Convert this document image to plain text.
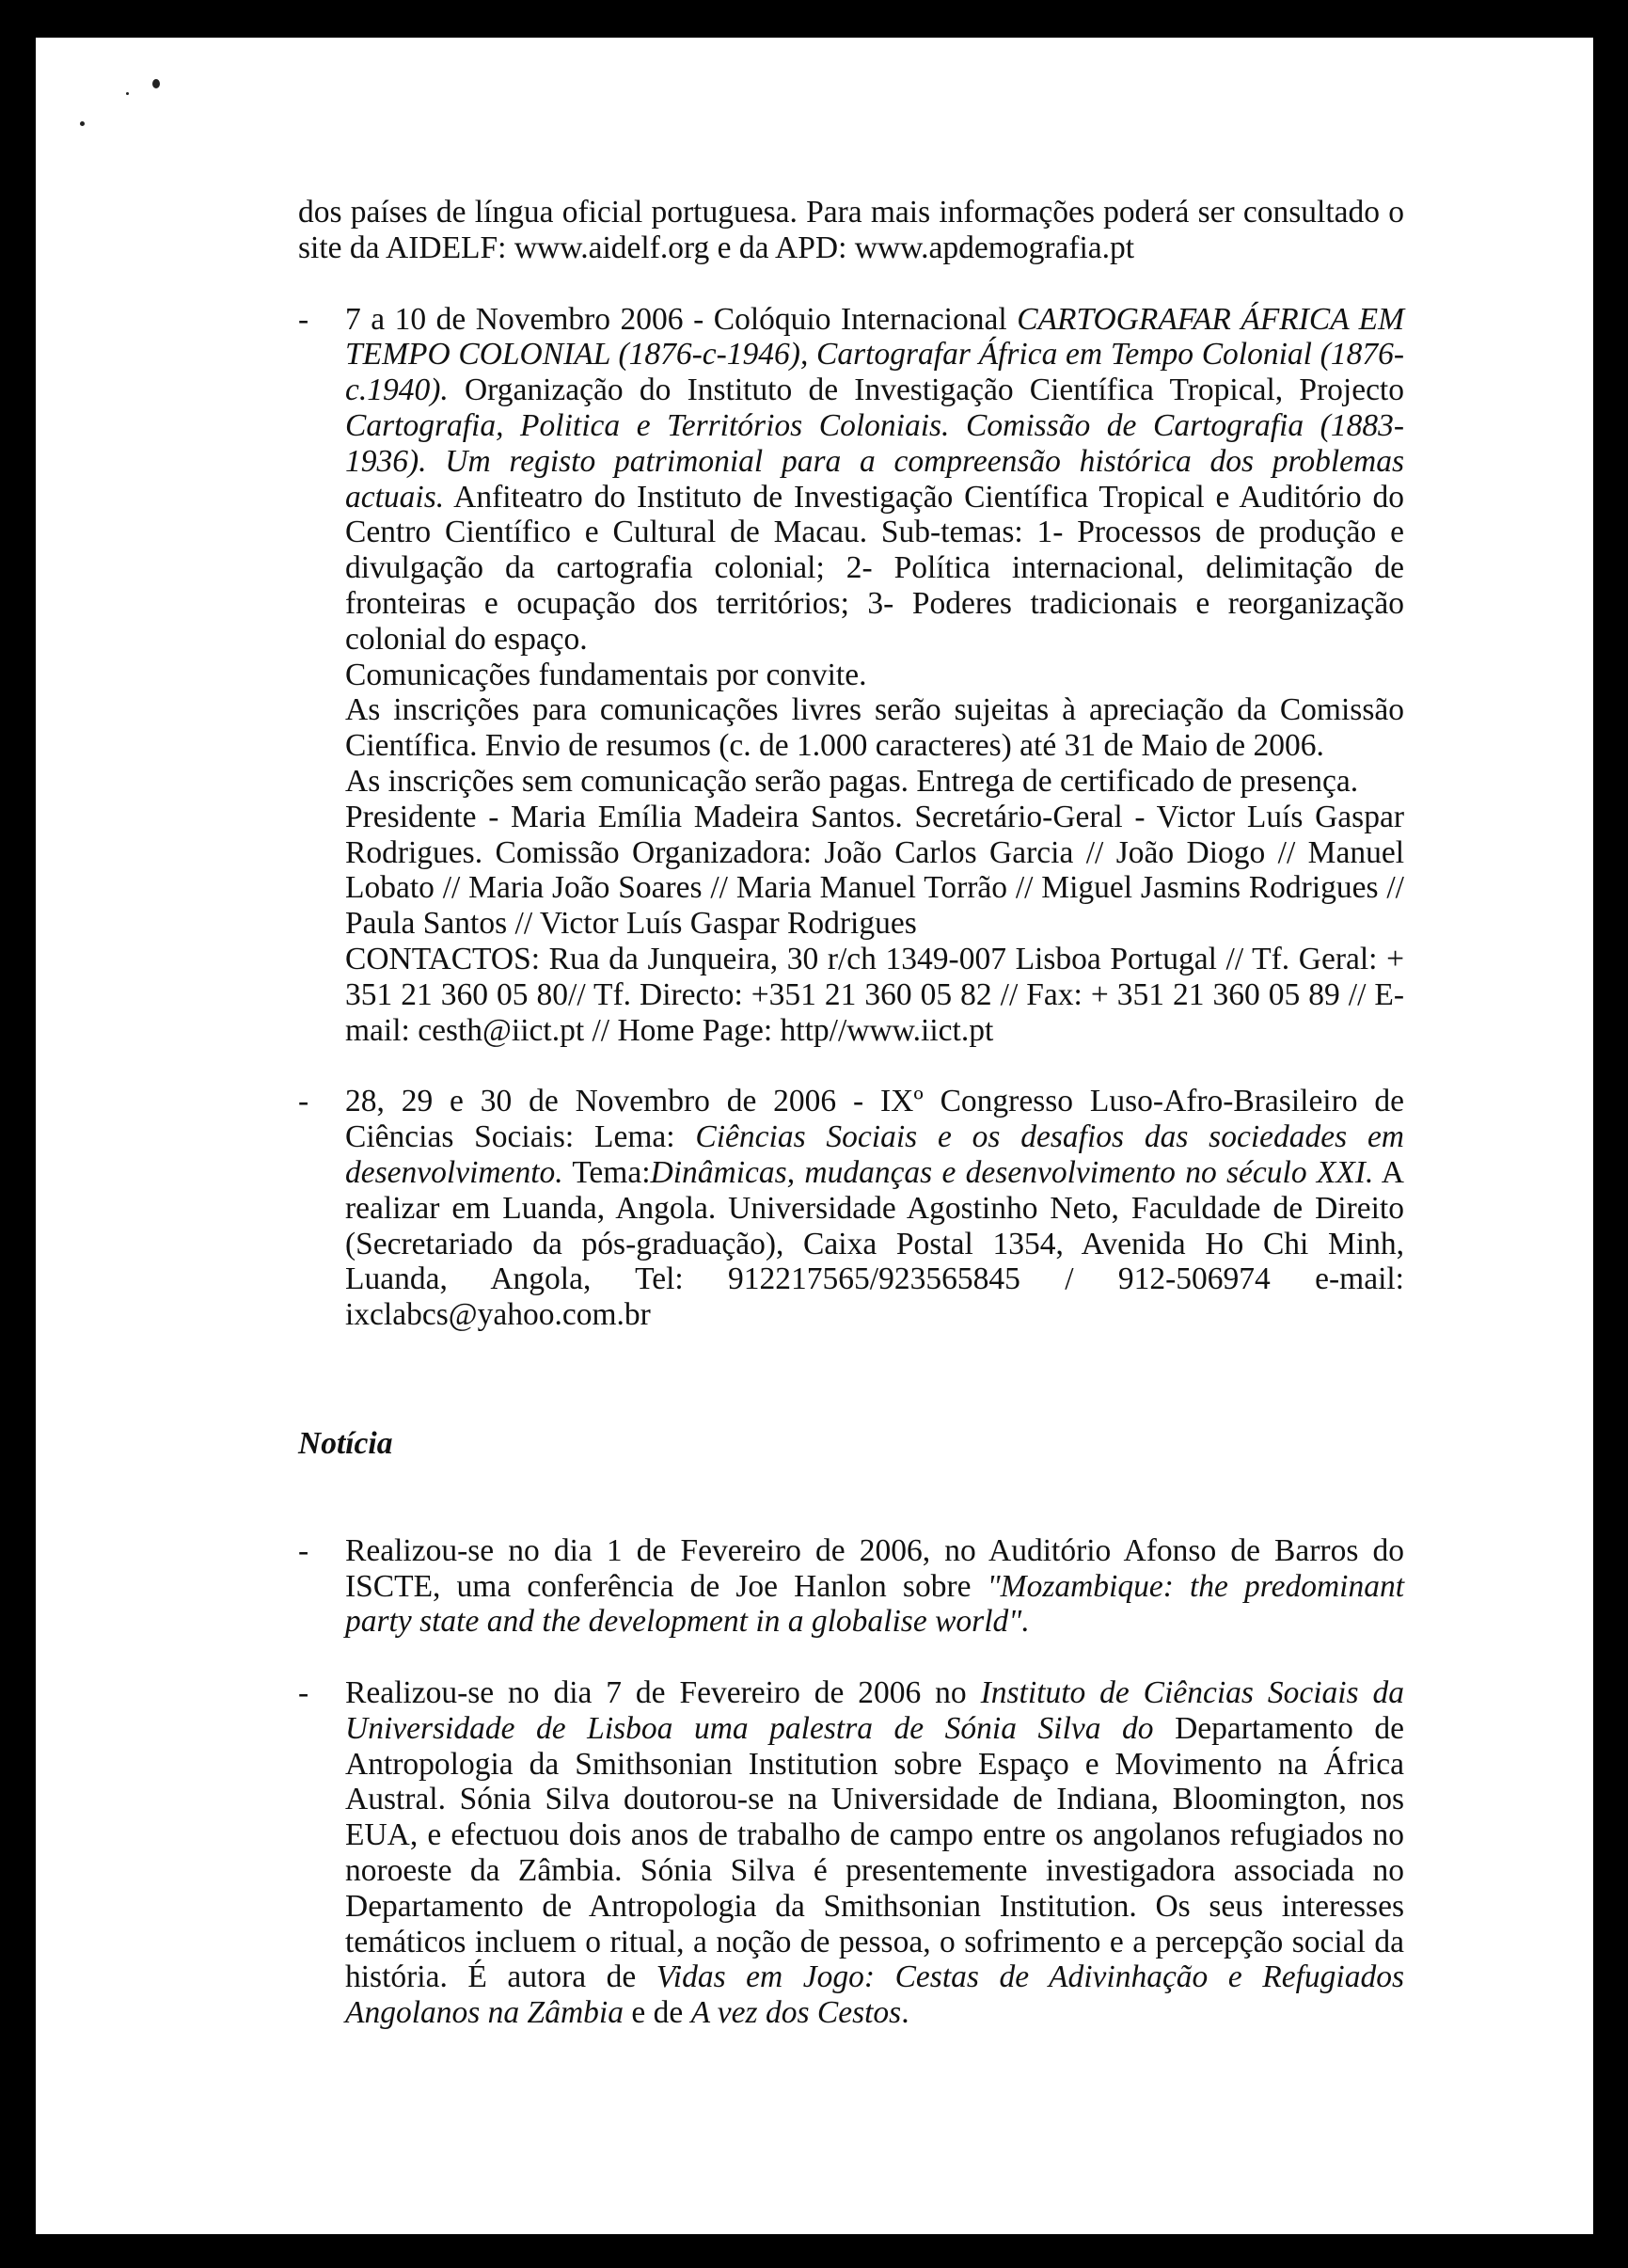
dos países de língua oficial portuguesa. Para mais informações poderá ser consultado o site da AIDELF: www.aidelf.org e da APD: www.apdemografia.pt

-	7 a 10 de Novembro 2006 - Colóquio Internacional CARTOGRAFAR ÁFRICA EM TEMPO COLONIAL (1876-c-1946), Cartografar África em Tempo Colonial (1876-c.1940). Organização do Instituto de Investigação Científica Tropical, Projecto Cartografia, Politica e Territórios Coloniais. Comissão de Cartografia (1883-1936). Um registo patrimonial para a compreensão histórica dos problemas actuais. Anfiteatro do Instituto de Investigação Científica Tropical e Auditório do Centro Científico e Cultural de Macau. Sub-temas: 1- Processos de produção e divulgação da cartografia colonial; 2- Política internacional, delimitação de fronteiras e ocupação dos territórios; 3- Poderes tradicionais e reorganização colonial do espaço.

Comunicações fundamentais por convite.

As inscrições para comunicações livres serão sujeitas à apreciação da Comissão Científica. Envio de resumos (c. de 1.000 caracteres) até 31 de Maio de 2006.

As inscrições sem comunicação serão pagas. Entrega de certificado de presença.

Presidente - Maria Emília Madeira Santos. Secretário-Geral - Victor Luís Gaspar Rodrigues. Comissão Organizadora: João Carlos Garcia // João Diogo // Manuel Lobato // Maria João Soares // Maria Manuel Torrão // Miguel Jasmins Rodrigues // Paula Santos // Victor Luís Gaspar Rodrigues

CONTACTOS: Rua da Junqueira, 30 r/ch 1349-007 Lisboa Portugal // Tf. Geral: + 351 21 360 05 80// Tf. Directo: +351 21 360 05 82 // Fax: + 351 21 360 05 89 // E-mail: cesth@iict.pt // Home Page: http//www.iict.pt

-	28, 29 e 30 de Novembro de 2006 - IXº Congresso Luso-Afro-Brasileiro de Ciências Sociais: Lema: Ciências Sociais e os desafios das sociedades em desenvolvimento. Tema:Dinâmicas, mudanças e desenvolvimento no século XXI. A realizar em Luanda, Angola. Universidade Agostinho Neto, Faculdade de Direito (Secretariado da pós-graduação), Caixa Postal 1354, Avenida Ho Chi Minh, Luanda, Angola, Tel: 912217565/923565845 / 912-506974 e-mail: ixclabcs@yahoo.com.br

Notícia
-	Realizou-se no dia 1 de Fevereiro de 2006, no Auditório Afonso de Barros do ISCTE, uma conferência de Joe Hanlon sobre "Mozambique: the predominant party state and the development in a globalise world".

-	Realizou-se no dia 7 de Fevereiro de 2006 no Instituto de Ciências Sociais da Universidade de Lisboa uma palestra de Sónia Silva do Departamento de Antropologia da Smithsonian Institution sobre Espaço e Movimento na África Austral. Sónia Silva doutorou-se na Universidade de Indiana, Bloomington, nos EUA, e efectuou dois anos de trabalho de campo entre os angolanos refugiados no noroeste da Zâmbia. Sónia Silva é presentemente investigadora associada no Departamento de Antropologia da Smithsonian Institution. Os seus interesses temáticos incluem o ritual, a noção de pessoa, o sofrimento e a percepção social da história. É autora de Vidas em Jogo: Cestas de Adivinhação e Refugiados Angolanos na Zâmbia e de A vez dos Cestos.
